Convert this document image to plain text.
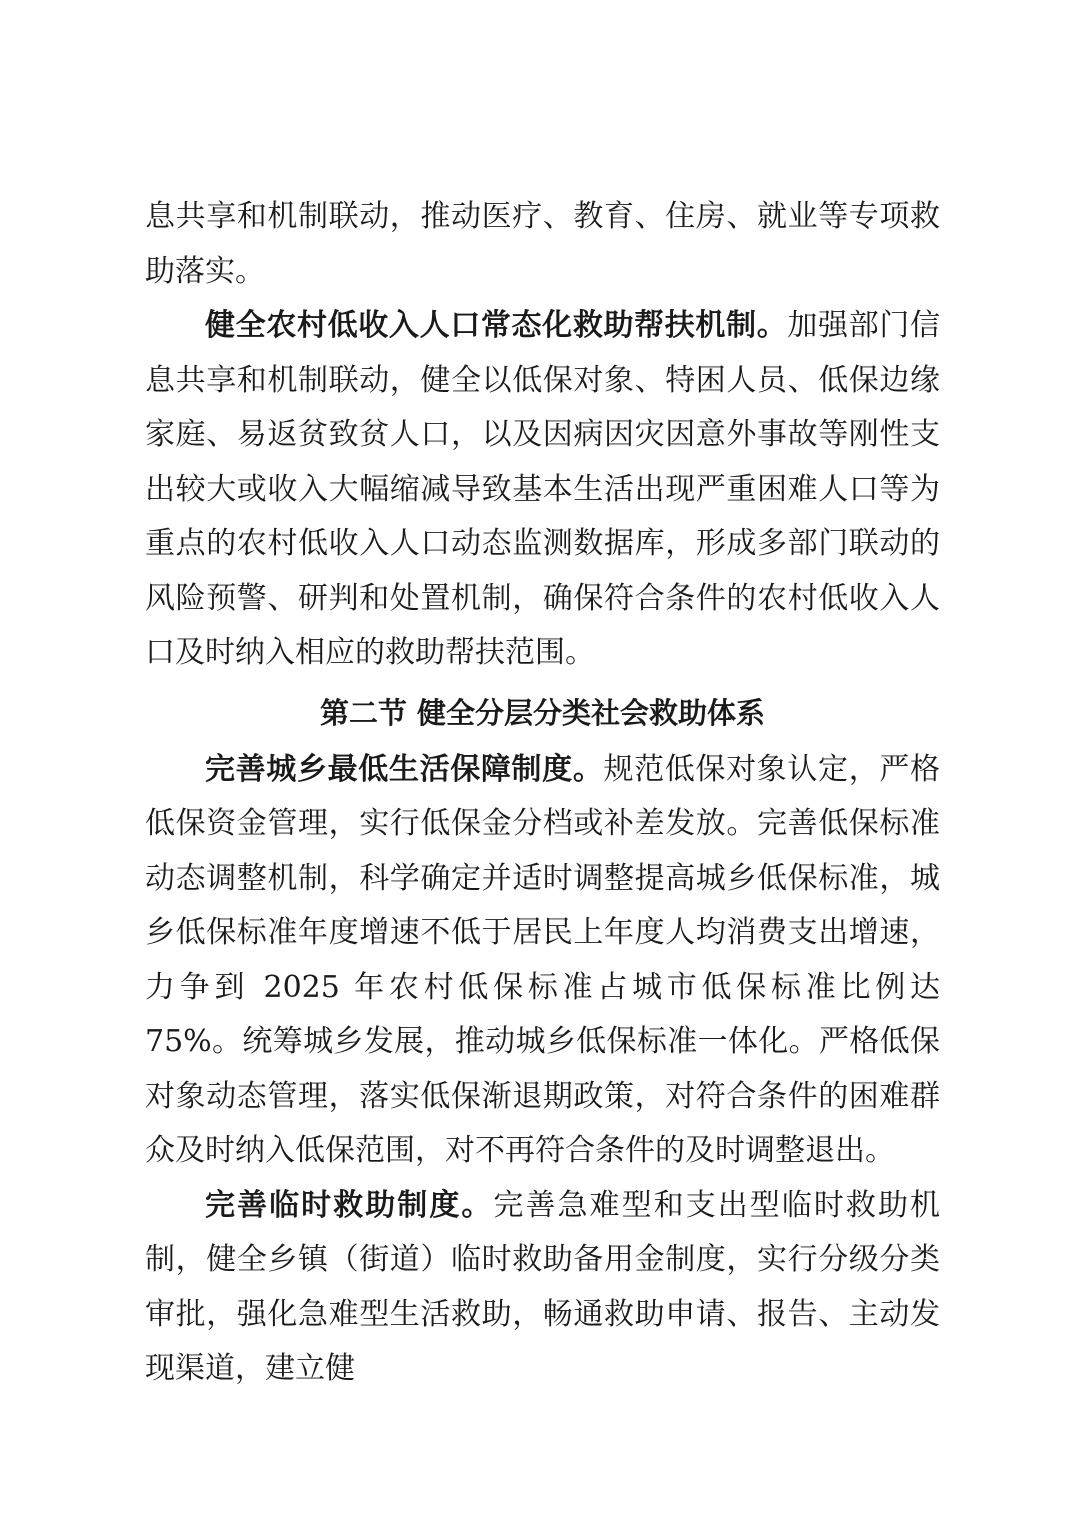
息共享和机制联动，推动医疗、教育、住房、就业等专项救助落实。

健全农村低收入人口常态化救助帮扶机制。加强部门信息共享和机制联动，健全以低保对象、特困人员、低保边缘家庭、易返贫致贫人口，以及因病因灾因意外事故等刚性支出较大或收入大幅缩减导致基本生活出现严重困难人口等为重点的农村低收入人口动态监测数据库，形成多部门联动的风险预警、研判和处置机制，确保符合条件的农村低收入人口及时纳入相应的救助帮扶范围。

第二节 健全分层分类社会救助体系

完善城乡最低生活保障制度。规范低保对象认定，严格低保资金管理，实行低保金分档或补差发放。完善低保标准动态调整机制，科学确定并适时调整提高城乡低保标准，城乡低保标准年度增速不低于居民上年度人均消费支出增速，力争到 2025 年农村低保标准占城市低保标准比例达 75%。统筹城乡发展，推动城乡低保标准一体化。严格低保对象动态管理，落实低保渐退期政策，对符合条件的困难群众及时纳入低保范围，对不再符合条件的及时调整退出。

完善临时救助制度。完善急难型和支出型临时救助机制，健全乡镇（街道）临时救助备用金制度，实行分级分类审批，强化急难型生活救助，畅通救助申请、报告、主动发现渠道，建立健
